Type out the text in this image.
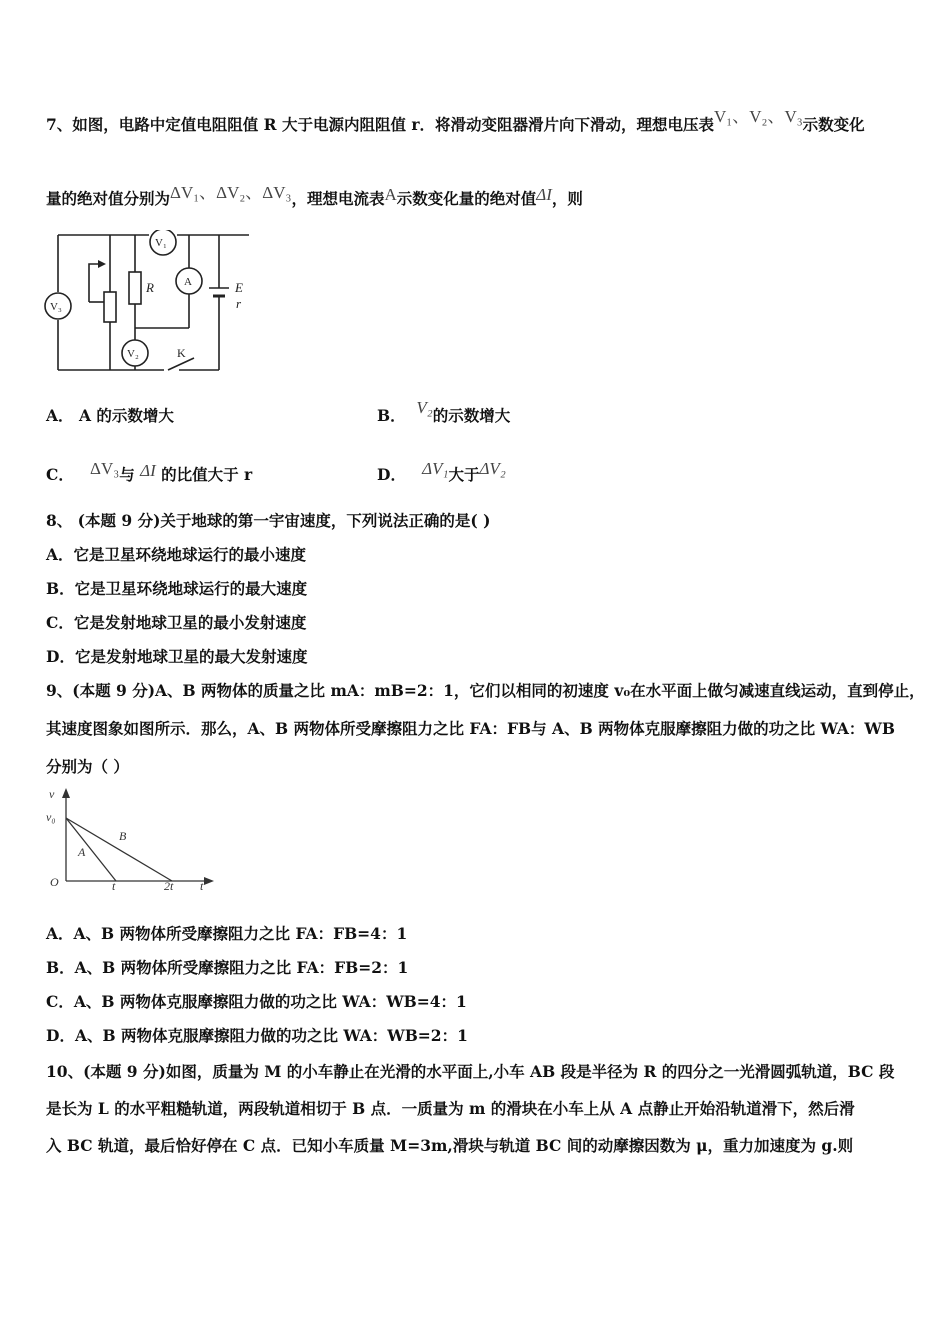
7、如图，电路中定值电阻阻值 R 大于电源内阻阻值 r．将滑动变阻器滑片向下滑动，理想电压表V₁、V₂、V₃示数变化
量的绝对值分别为ΔV₁、ΔV₂、ΔV₃，理想电流表A示数变化量的绝对值ΔI，则
V₁
A
V₃
V₂
R	E
r
K
A． A 的示数增大	B． V₂的示数增大
C． ΔV₃与 ΔI 的比值大于 r	D． ΔV₁大于ΔV₂
8、 (本题 9 分)关于地球的第一宇宙速度，下列说法正确的是( )
A．它是卫星环绕地球运行的最小速度
B．它是卫星环绕地球运行的最大速度
C．它是发射地球卫星的最小发射速度
D．它是发射地球卫星的最大发射速度
9、(本题 9 分)A、B 两物体的质量之比 mA：mB=2：1，它们以相同的初速度 v₀在水平面上做匀减速直线运动，直到停止，
其速度图象如图所示．那么，A、B 两物体所受摩擦阻力之比 FA：FB与 A、B 两物体克服摩擦阻力做的功之比 WA：WB
分别为（ ）
v
v₀
A
B
O	t	2t t
A．A、B 两物体所受摩擦阻力之比 FA：FB=4：1
B．A、B 两物体所受摩擦阻力之比 FA：FB=2：1
C．A、B 两物体克服摩擦阻力做的功之比 WA：WB=4：1
D．A、B 两物体克服摩擦阻力做的功之比 WA：WB=2：1
10、(本题 9 分)如图，质量为 M 的小车静止在光滑的水平面上,小车 AB 段是半径为 R 的四分之一光滑圆弧轨道，BC 段
是长为 L 的水平粗糙轨道，两段轨道相切于 B 点．一质量为 m 的滑块在小车上从 A 点静止开始沿轨道滑下，然后滑
入 BC 轨道，最后恰好停在 C 点．已知小车质量 M=3m,滑块与轨道 BC 间的动摩擦因数为 μ，重力加速度为 g.则
